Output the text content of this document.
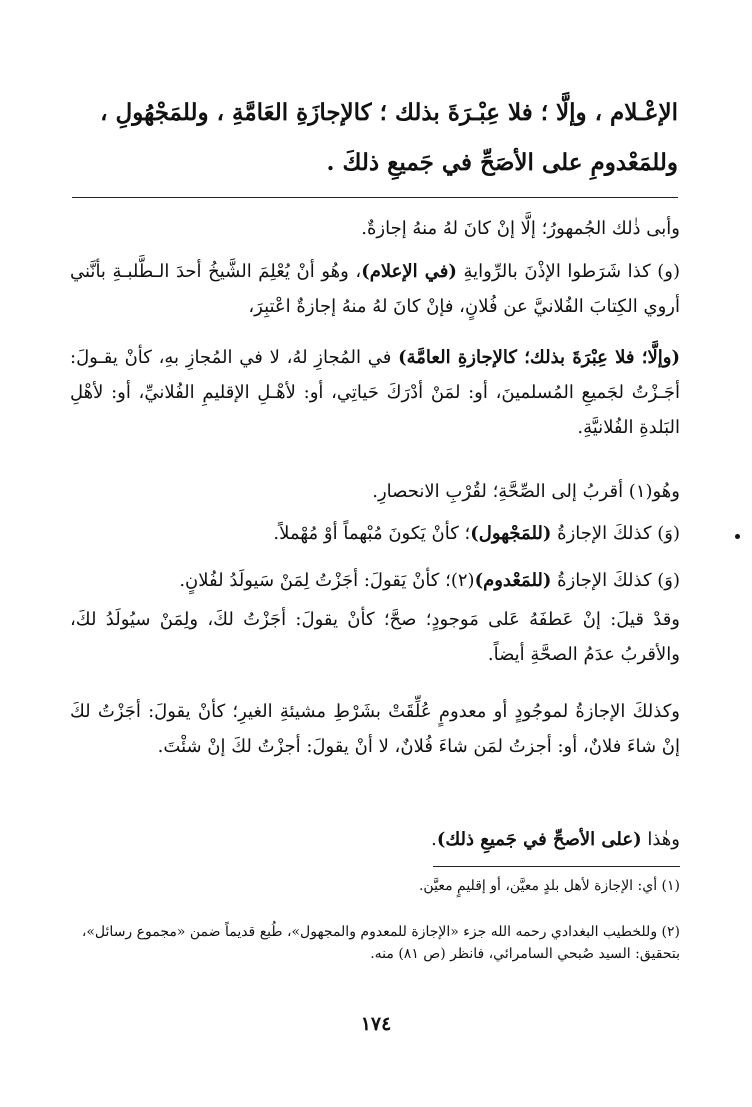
الإعْـلام ، وإلَّا ؛ فلا عِبْـرَةَ بذلك ؛ كالإجازَةِ العَامَّةِ ، وللمَجْهُولِ ،
وللمَعْدومِ على الأصَحِّ في جَميعِ ذلكَ .
وأبى ذٰلك الجُمهورُ؛ إلَّا إنْ كانَ لهُ منهُ إجازةٌ.
(و) كذا شَرَطوا الإذْنَ بالرِّوايةِ (في الإعلام)، وهُو أنْ يُعْلِمَ الشَّيخُ أحدَ الـطَّلبـةِ بأنَّني أروي الكِتابَ الفُلانيَّ عن فُلانٍ، فإنْ كانَ لهُ منهُ إجازةٌ اعْتبِرَ،
(وإلَّا؛ فلا عِبْرَةَ بذلك؛ كالإجازةِ العامَّة) في المُجازِ لهُ، لا في المُجازِ بهِ، كأنْ يقـولَ: أجَـزْتُ لجَميعِ المُسلمينَ، أو: لمَنْ أدْرَكَ حَياتِي، أو: لأهْـلِ الإقليمِ الفُلانيِّ، أو: لأهْلِ البَلدةِ الفُلانيَّةِ.
وهُو(١) أقربُ إلى الصِّحَّةِ؛ لقُرْبِ الانحصارِ.
(وَ) كذلكَ الإجازةُ (للمَجْهول)؛ كأنْ يَكونَ مُبْهماً أوْ مُهْملاً.
(وَ) كذلكَ الإجازةُ (للمَعْدوم)(٢)؛ كأنْ يَقولَ: أجَزْتُ لِمَنْ سَيولَدُ لفُلانٍ.
وقدْ قيلَ: إنْ عَطفَهُ عَلى مَوجودٍ؛ صحَّ؛ كأنْ يقولَ: أجَزْتُ لكَ، ولِمَنْ سيُولَدُ لكَ، والأقربُ عدَمُ الصحَّةِ أيضاً.
وكذلكَ الإجازةُ لموجُودٍ أو معدومٍ عُلِّقَتْ بشَرْطِ مشيئةِ الغيرِ؛ كأنْ يقولَ: أجَزْتُ لكَ إنْ شاءَ فلانٌ، أو: أجزتُ لمَن شاءَ فُلانٌ، لا أنْ يقولَ: أجزْتُ لكَ إنْ شئْتَ.
وهٰذا (على الأصحِّ في جَميعِ ذلك).
(١) أي: الإجازة لأهل بلدٍ معيَّن، أو إقليمٍ معيَّن.
(٢) وللخطيب البغدادي رحمه الله جزء «الإجازة للمعدوم والمجهول»، طُبع قديماً ضمن «مجموع رسائل»، بتحقيق: السيد صُبحي السامرائي، فانظر (ص ٨١) منه.
١٧٤
